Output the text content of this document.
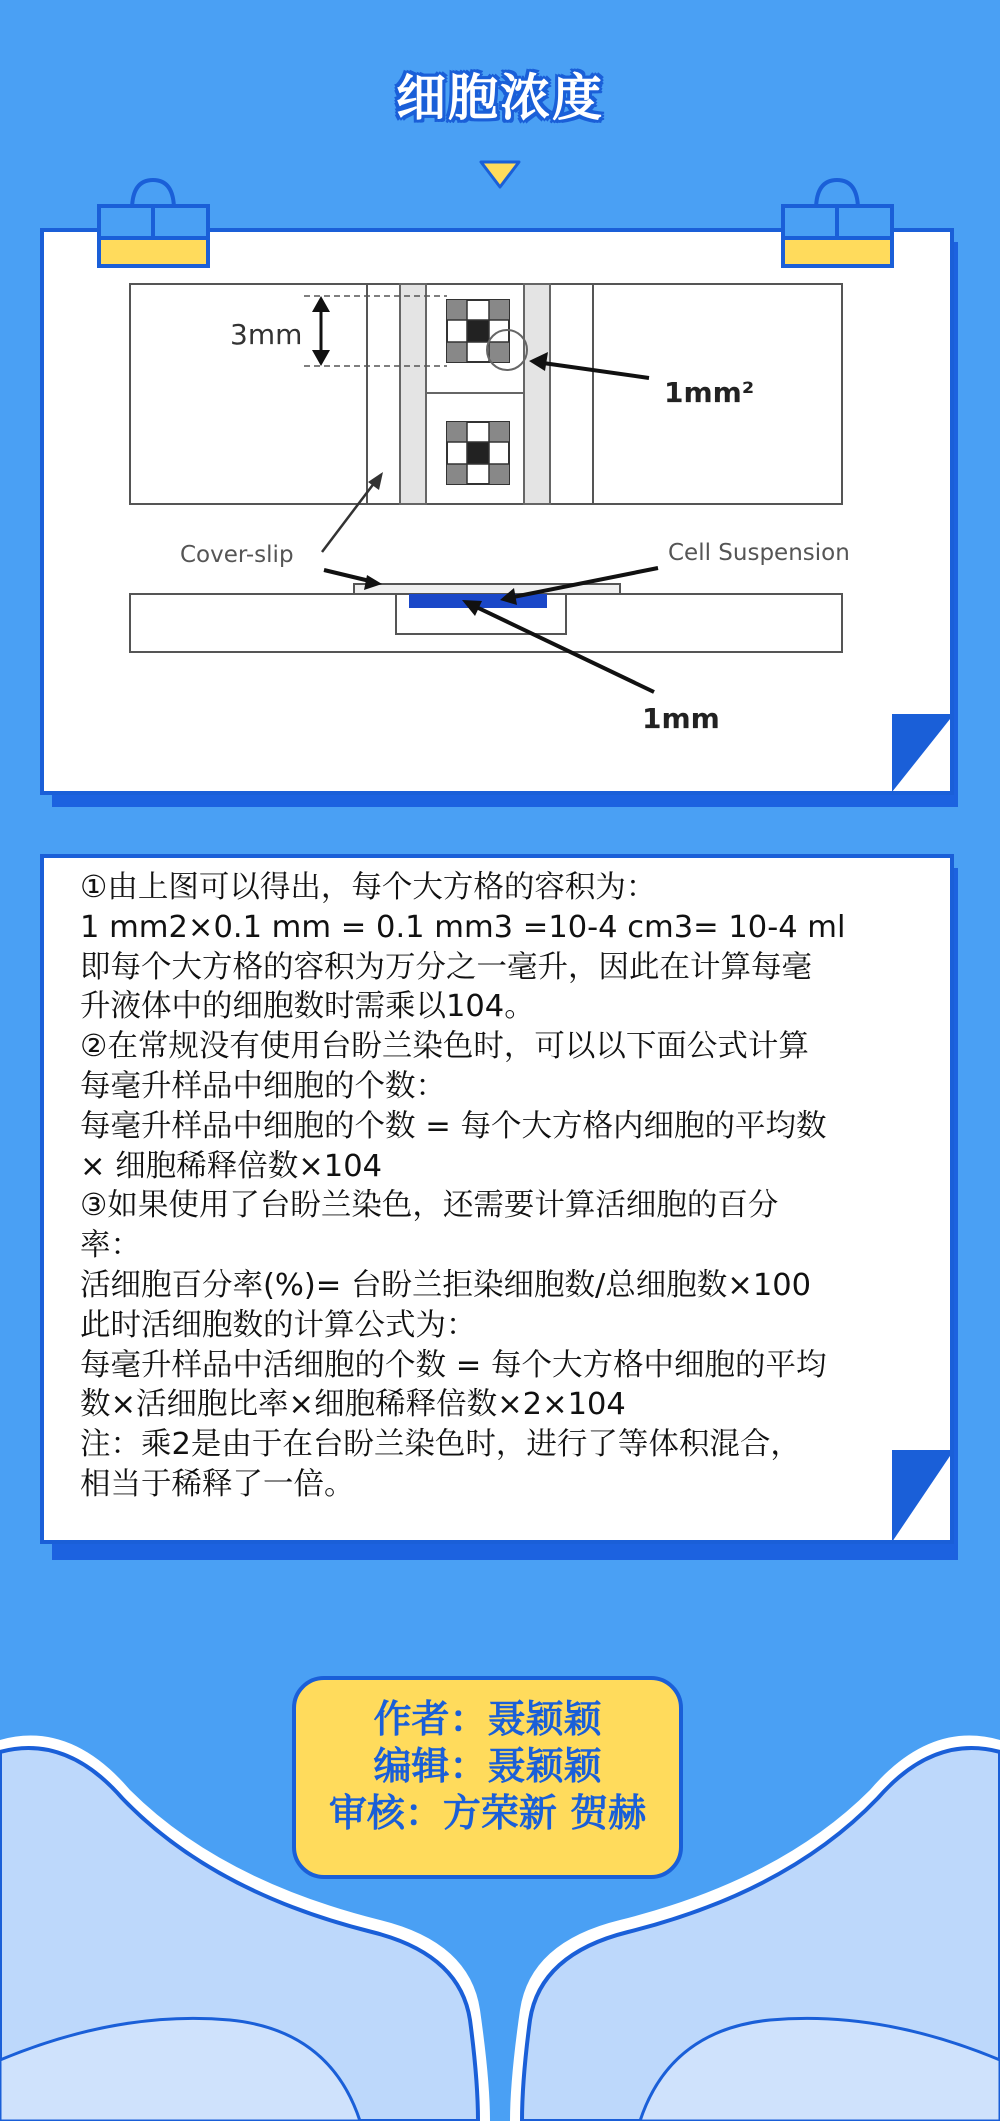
细胞浓度
3mm
1mm²
Cover-slip	Cell Suspension
1mm

①由上图可以得出，每个大方格的容积为：

1 mm2×0.1 mm = 0.1 mm3 =10-4 cm3= 10-4 ml

即每个大方格的容积为万分之一毫升，因此在计算每毫

升液体中的细胞数时需乘以104。

②在常规没有使用台盼兰染色时，可以以下面公式计算

每毫升样品中细胞的个数：

每毫升样品中细胞的个数 = 每个大方格内细胞的平均数

× 细胞稀释倍数×104

③如果使用了台盼兰染色，还需要计算活细胞的百分

率：

活细胞百分率(%)= 台盼兰拒染细胞数/总细胞数×100

此时活细胞数的计算公式为：

每毫升样品中活细胞的个数 = 每个大方格中细胞的平均

数×活细胞比率×细胞稀释倍数×2×104

注：乘2是由于在台盼兰染色时，进行了等体积混合，

相当于稀释了一倍。

作者：聂颖颖
编辑：聂颖颖
审核：方荣新 贺赫
